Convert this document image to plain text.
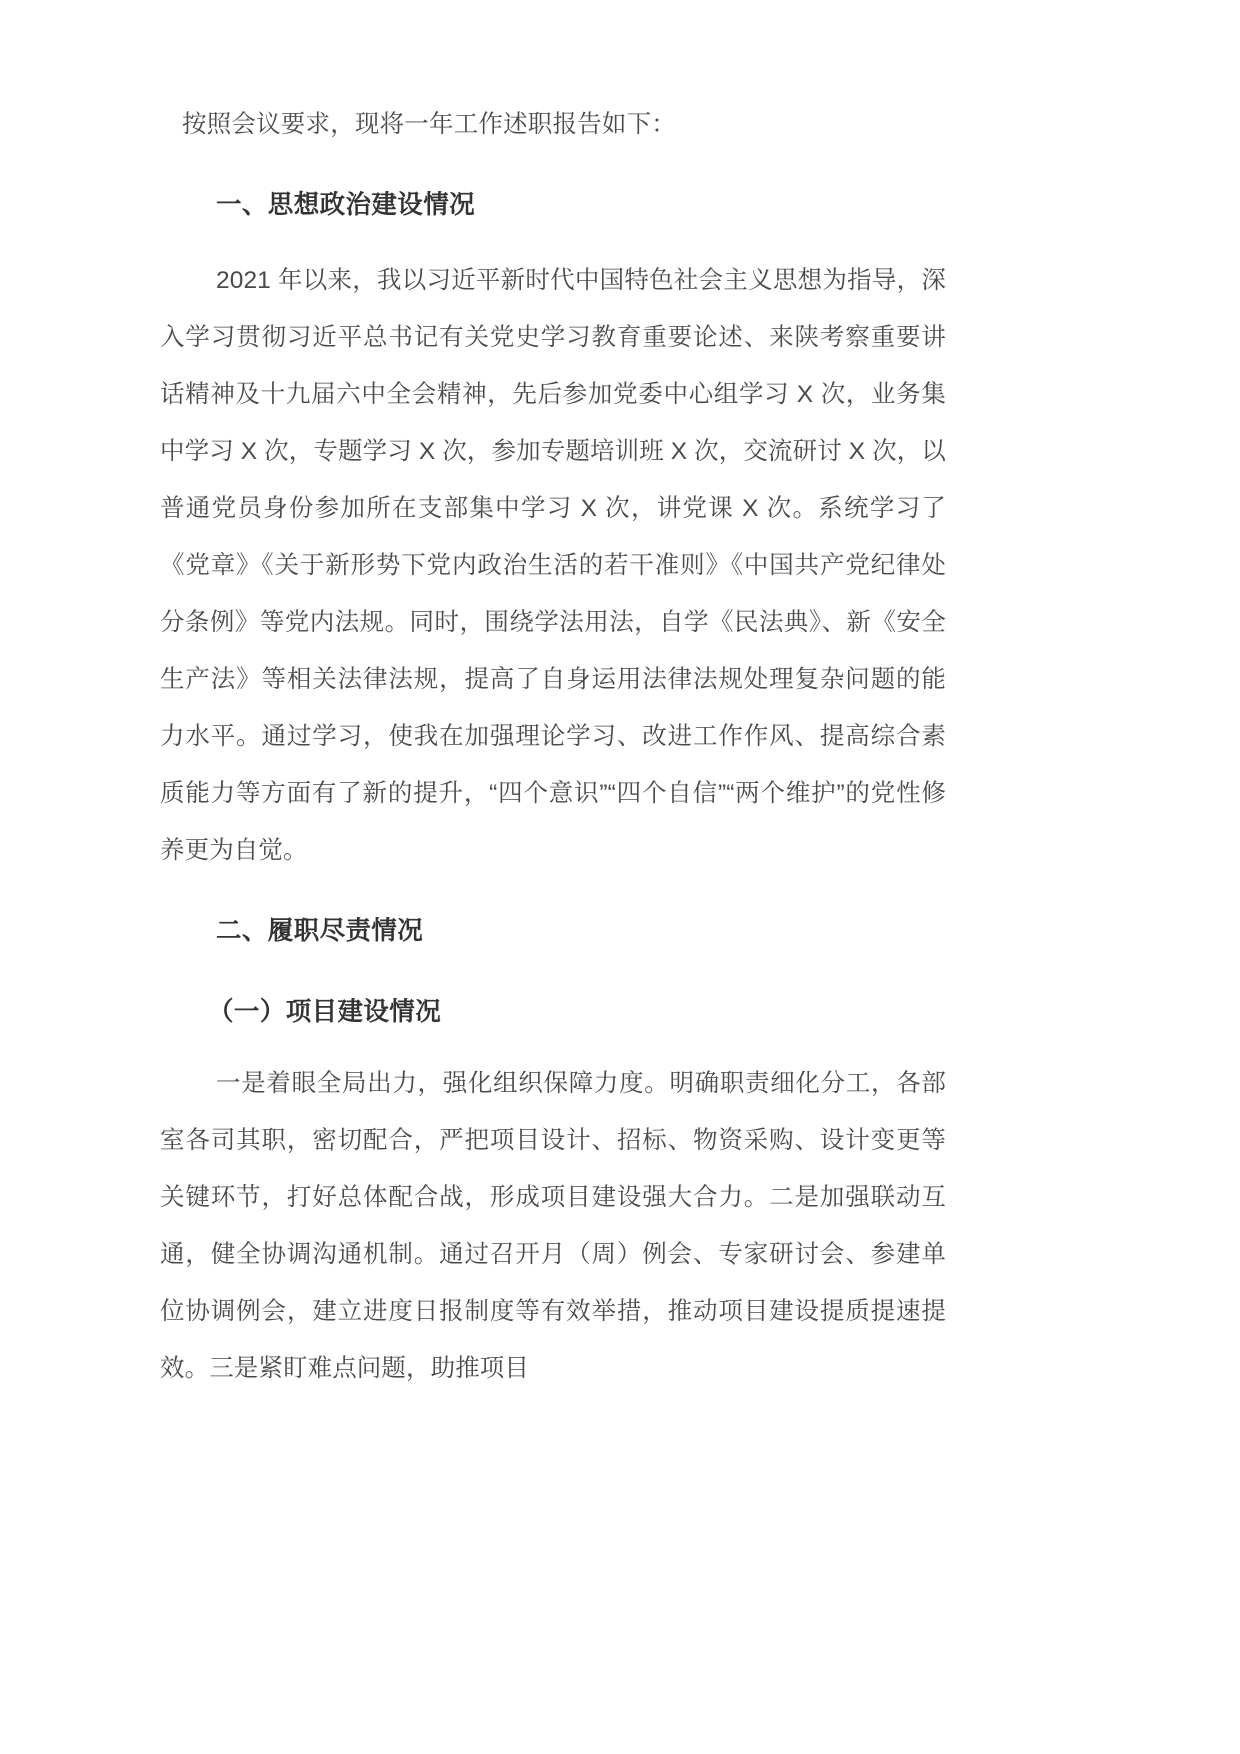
按照会议要求，现将一年工作述职报告如下：

一、思想政治建设情况

2021 年以来，我以习近平新时代中国特色社会主义思想为指导，深入学习贯彻习近平总书记有关党史学习教育重要论述、来陕考察重要讲话精神及十九届六中全会精神，先后参加党委中心组学习 X 次，业务集中学习 X 次，专题学习 X 次，参加专题培训班 X 次，交流研讨 X 次，以普通党员身份参加所在支部集中学习 X 次，讲党课 X 次。系统学习了《党章》《关于新形势下党内政治生活的若干准则》《中国共产党纪律处分条例》等党内法规。同时，围绕学法用法，自学《民法典》、新《安全生产法》等相关法律法规，提高了自身运用法律法规处理复杂问题的能力水平。通过学习，使我在加强理论学习、改进工作作风、提高综合素质能力等方面有了新的提升，“四个意识”“四个自信”“两个维护”的党性修养更为自觉。

二、履职尽责情况
（一）项目建设情况

一是着眼全局出力，强化组织保障力度。明确职责细化分工，各部室各司其职，密切配合，严把项目设计、招标、物资采购、设计变更等关键环节，打好总体配合战，形成项目建设强大合力。二是加强联动互通，健全协调沟通机制。通过召开月（周）例会、专家研讨会、参建单位协调例会，建立进度日报制度等有效举措，推动项目建设提质提速提效。三是紧盯难点问题，助推项目
